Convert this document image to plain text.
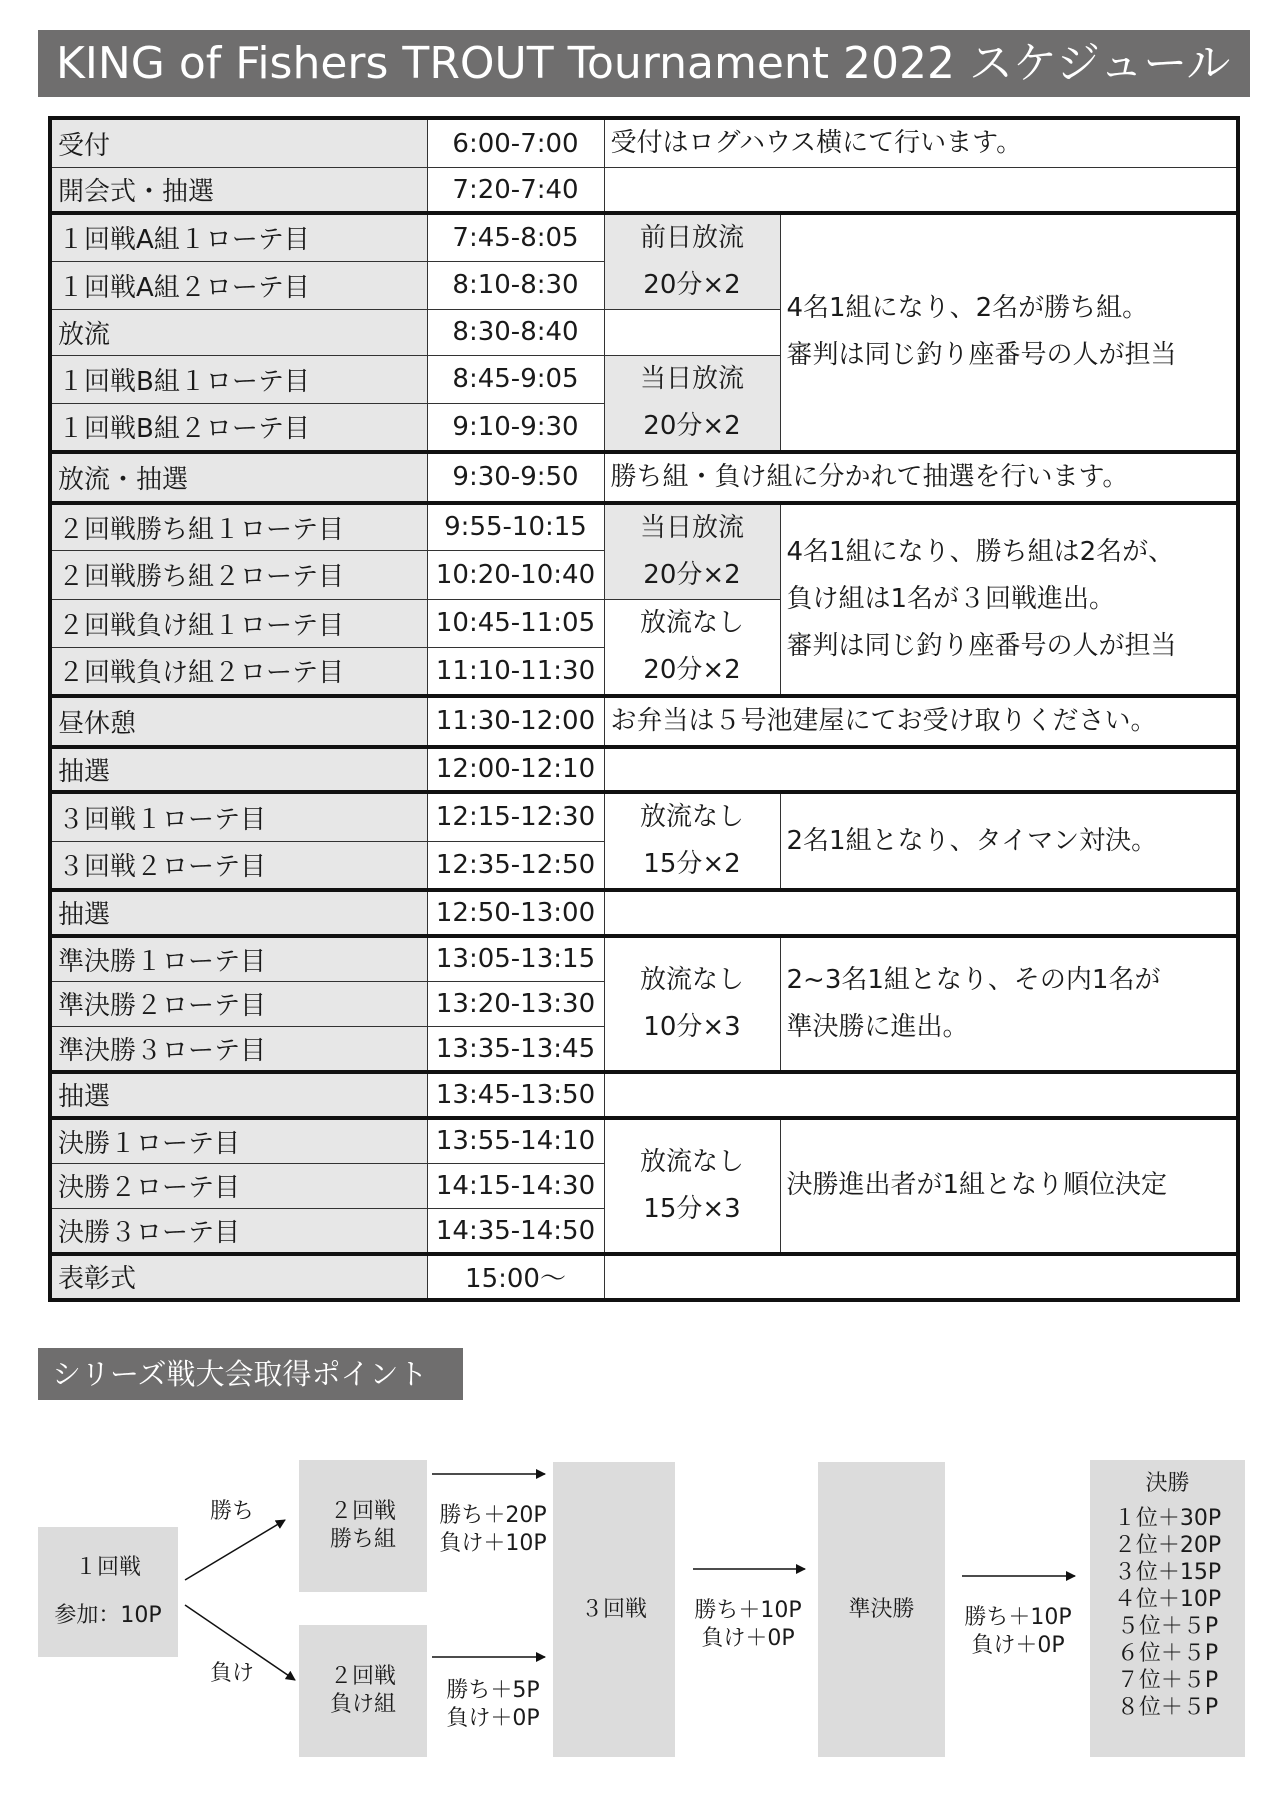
KING of Fishers TROUT Tournament 2022 スケジュール
受付	6:00-7:00	受付はログハウス横にて行います。	
開会式・抽選	7:20-7:40		
１回戦A組１ローテ目	7:45-8:05	前日放流
20分×2	4名1組になり、2名が勝ち組。
審判は同じ釣り座番号の人が担当

１回戦A組２ローテ目	8:10-8:30		
放流	8:30-8:40		
１回戦B組１ローテ目	8:45-9:05	当日放流
20分×2	

１回戦B組２ローテ目	9:10-9:30		
放流・抽選	9:30-9:50	勝ち組・負け組に分かれて抽選を行います。	
２回戦勝ち組１ローテ目	9:55-10:15	当日放流
20分×2	4名1組になり、勝ち組は2名が、
負け組は1名が３回戦進出。
審判は同じ釣り座番号の人が担当

２回戦勝ち組２ローテ目	10:20-10:40		
２回戦負け組１ローテ目	10:45-11:05	放流なし
20分×2	

２回戦負け組２ローテ目	11:10-11:30		
昼休憩	11:30-12:00	お弁当は５号池建屋にてお受け取りください。	
抽選	12:00-12:10		
３回戦１ローテ目	12:15-12:30	放流なし
15分×2	2名1組となり、タイマン対決。

３回戦２ローテ目	12:35-12:50		
抽選	12:50-13:00		
準決勝１ローテ目	13:05-13:15	放流なし
10分×3	2~3名1組となり、その内1名が
準決勝に進出。

準決勝２ローテ目	13:20-13:30		
準決勝３ローテ目	13:35-13:45		
抽選	13:45-13:50		
決勝１ローテ目	13:55-14:10	放流なし
15分×3	決勝進出者が1組となり順位決定

決勝２ローテ目	14:15-14:30		
決勝３ローテ目	14:35-14:50		
表彰式	15:00〜		
シリーズ戦大会取得ポイント
１回戦
参加：10P
勝ち
負け
２回戦
勝ち組
２回戦
負け組
勝ち＋20P
負け＋10P
勝ち＋5P
負け＋0P
３回戦 勝ち＋10P
負け＋0P
準決勝 勝ち＋10P
負け＋0P
決勝
１位＋30P
２位＋20P
３位＋15P
４位＋10P
５位＋５P
６位＋５P
７位＋５P
８位＋５P
